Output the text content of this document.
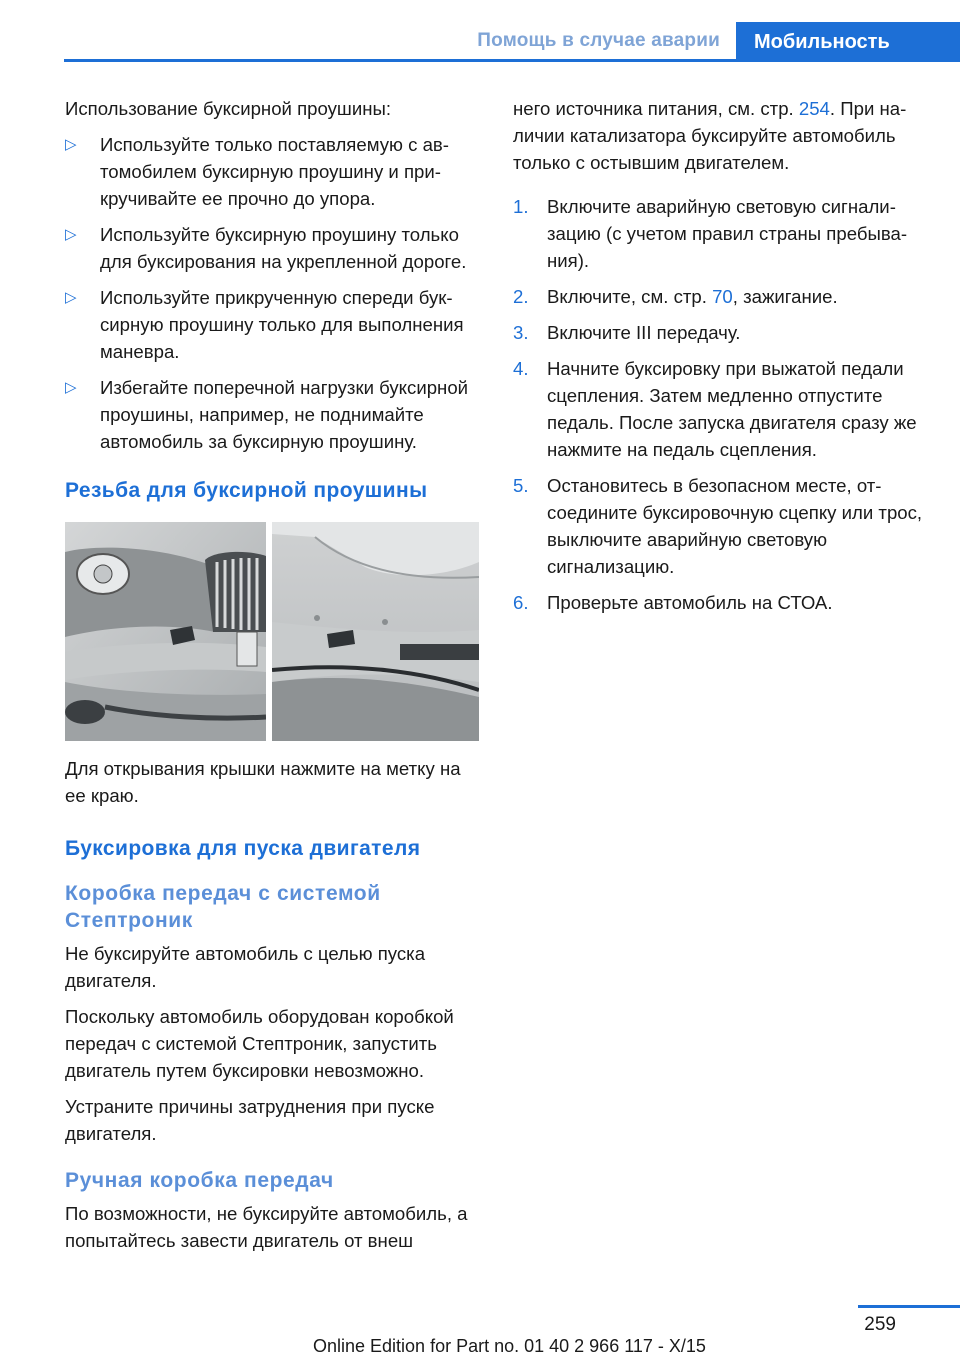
Помощь в случае аварии	Мобильность

Использование буксирной проушины:

▷ Используйте только поставляемую с автомобилем буксирную проушину и прикручивайте ее прочно до упора.
▷ Используйте буксирную проушину только для буксирования на укрепленной дороге.
▷ Используйте прикрученную спереди буксирную проушину только для выполнения маневра.
▷ Избегайте поперечной нагрузки буксирной проушины, например, не поднимайте автомобиль за буксирную проушину.
Резьба для буксирной проушины

Для открывания крышки нажмите на метку на ее краю.

Буксировка для пуска двигателя
Коробка передач с системой Стептроник

Не буксируйте автомобиль с целью пуска двигателя.

Поскольку автомобиль оборудован коробкой передач с системой Стептроник, запустить двигатель путем буксировки невозможно.

Устраните причины затруднения при пуске двигателя.

Ручная коробка передач

По возможности, не буксируйте автомобиль, а попытайтесь завести двигатель от внеш

него источника питания, см. стр. 254. При наличии катализатора буксируйте автомобиль только с остывшим двигателем.

1. Включите аварийную световую сигнализацию (с учетом правил страны пребывания).
2. Включите, см. стр. 70, зажигание.
3. Включите III передачу.
4. Начните буксировку при выжатой педали сцепления. Затем медленно отпустите педаль. После запуска двигателя сразу же нажмите на педаль сцепления.
5. Остановитесь в безопасном месте, отсоедините буксировочную сцепку или трос, выключите аварийную световую сигнализацию.
6. Проверьте автомобиль на СТОА.
259
Online Edition for Part no. 01 40 2 966 117 - X/15
